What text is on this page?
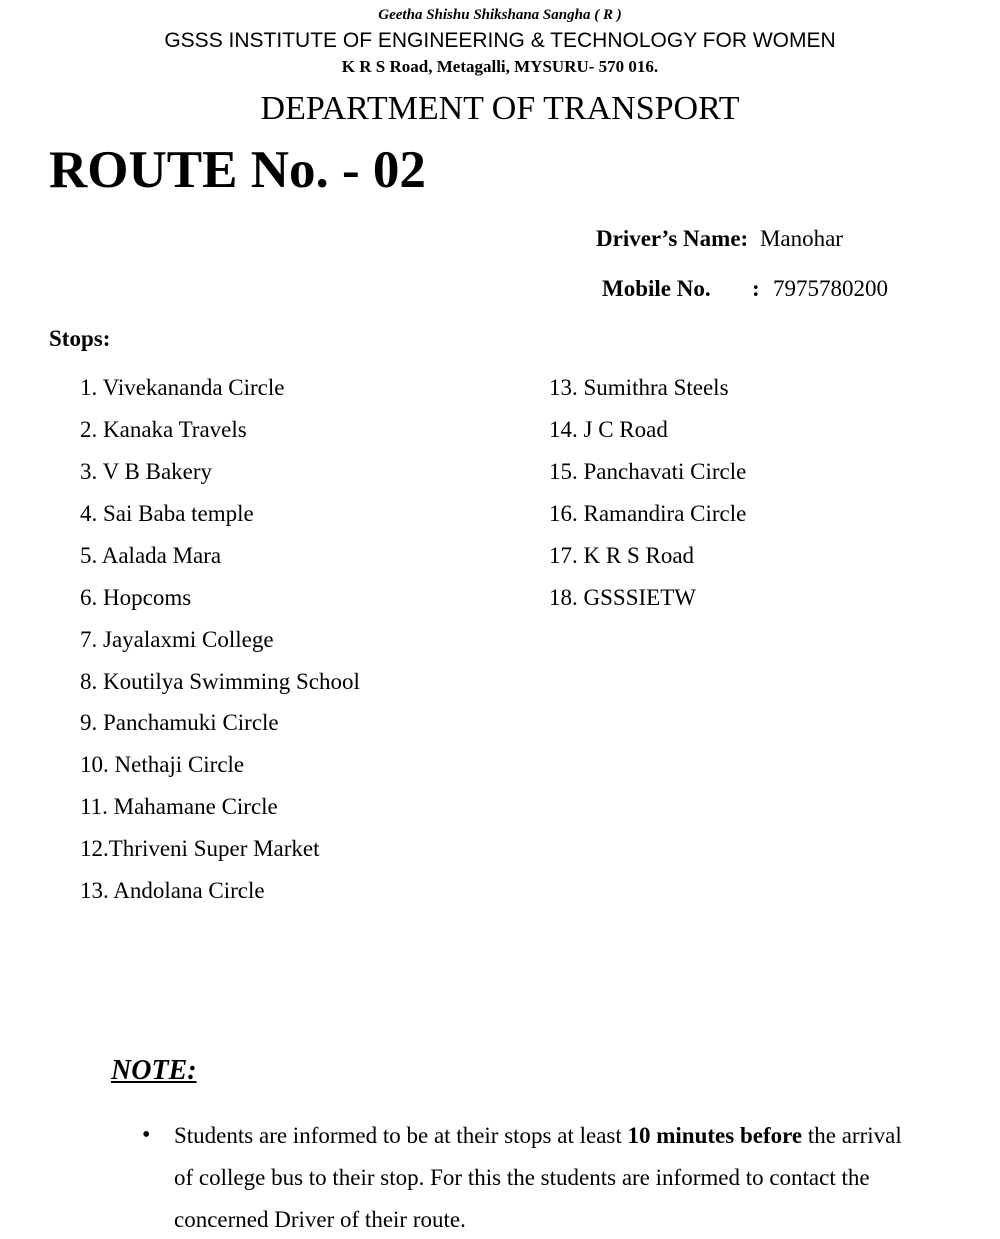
Geetha Shishu Shikshana Sangha ( R )
GSSS INSTITUTE OF ENGINEERING & TECHNOLOGY FOR WOMEN
K R S Road, Metagalli, MYSURU- 570 016.
DEPARTMENT OF TRANSPORT
ROUTE No. - 02
Driver’s Name: Manohar
Mobile No. : 7975780200
Stops:
1. Vivekananda Circle
2. Kanaka Travels
3. V B Bakery
4. Sai Baba temple
5. Aalada Mara
6. Hopcoms
7. Jayalaxmi College
8. Koutilya Swimming School
9. Panchamuki Circle
10. Nethaji Circle
11. Mahamane Circle
12.Thriveni Super Market
13. Andolana Circle
13. Sumithra Steels
14. J C Road
15. Panchavati Circle
16. Ramandira Circle
17. K R S Road
18. GSSSIETW
NOTE:
• Students are informed to be at their stops at least 10 minutes before the arrival
of college bus to their stop. For this the students are informed to contact the
concerned Driver of their route.
